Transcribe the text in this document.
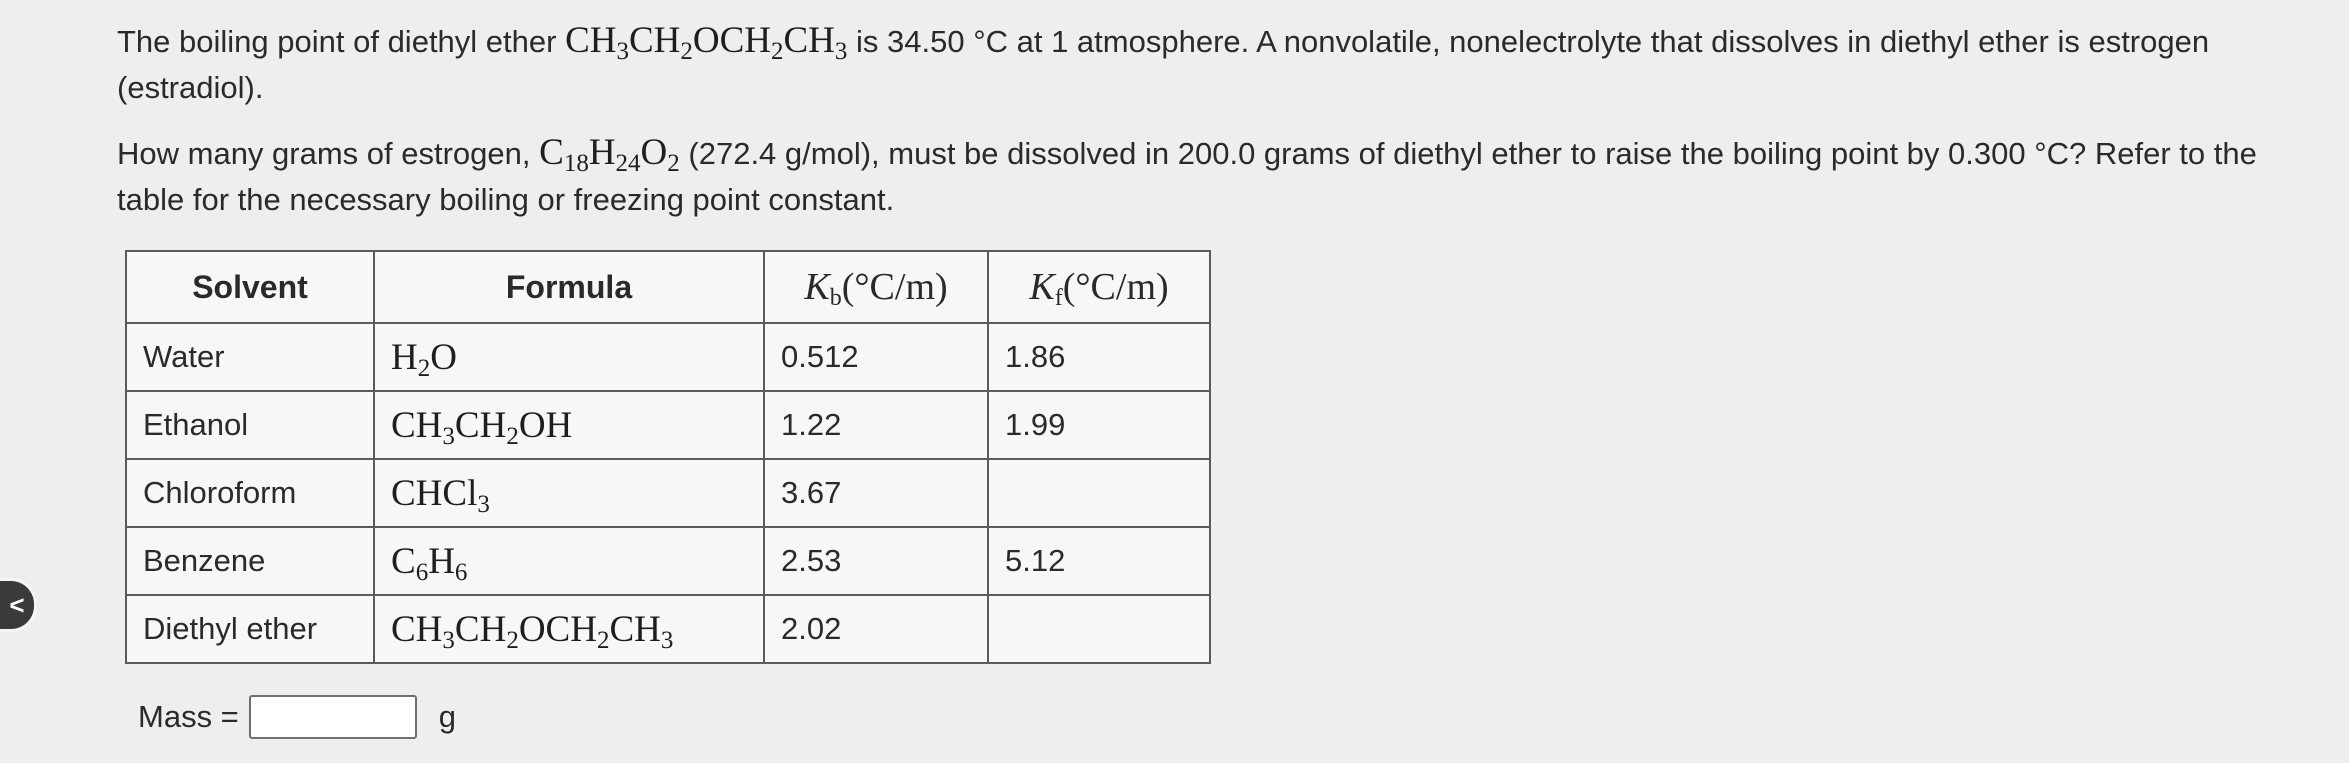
The boiling point of diethyl ether $CH_3CH_2OCH_2CH_3$ is 34.50 °C at 1 atmosphere. A nonvolatile, nonelectrolyte that dissolves in diethyl ether is estrogen (estradiol).

How many grams of estrogen, $C_{18}H_{24}O_2$ (272.4 g/mol), must be dissolved in 200.0 grams of diethyl ether to raise the boiling point by 0.300 °C? Refer to the table for the necessary boiling or freezing point constant.

Solvent	Formula	$K_b(^\circ C/m)$	$K_f(^\circ C/m)$
Water	$H_2O$	0.512	1.86
Ethanol	$CH_3CH_2OH$	1.22	1.99
Chloroform	CHCl$_3$	3.67	
Benzene	$C_6H_6$	2.53	5.12
Diethyl ether	$CH_3CH_2OCH_2CH_3$	2.02	
Mass =	g
<
